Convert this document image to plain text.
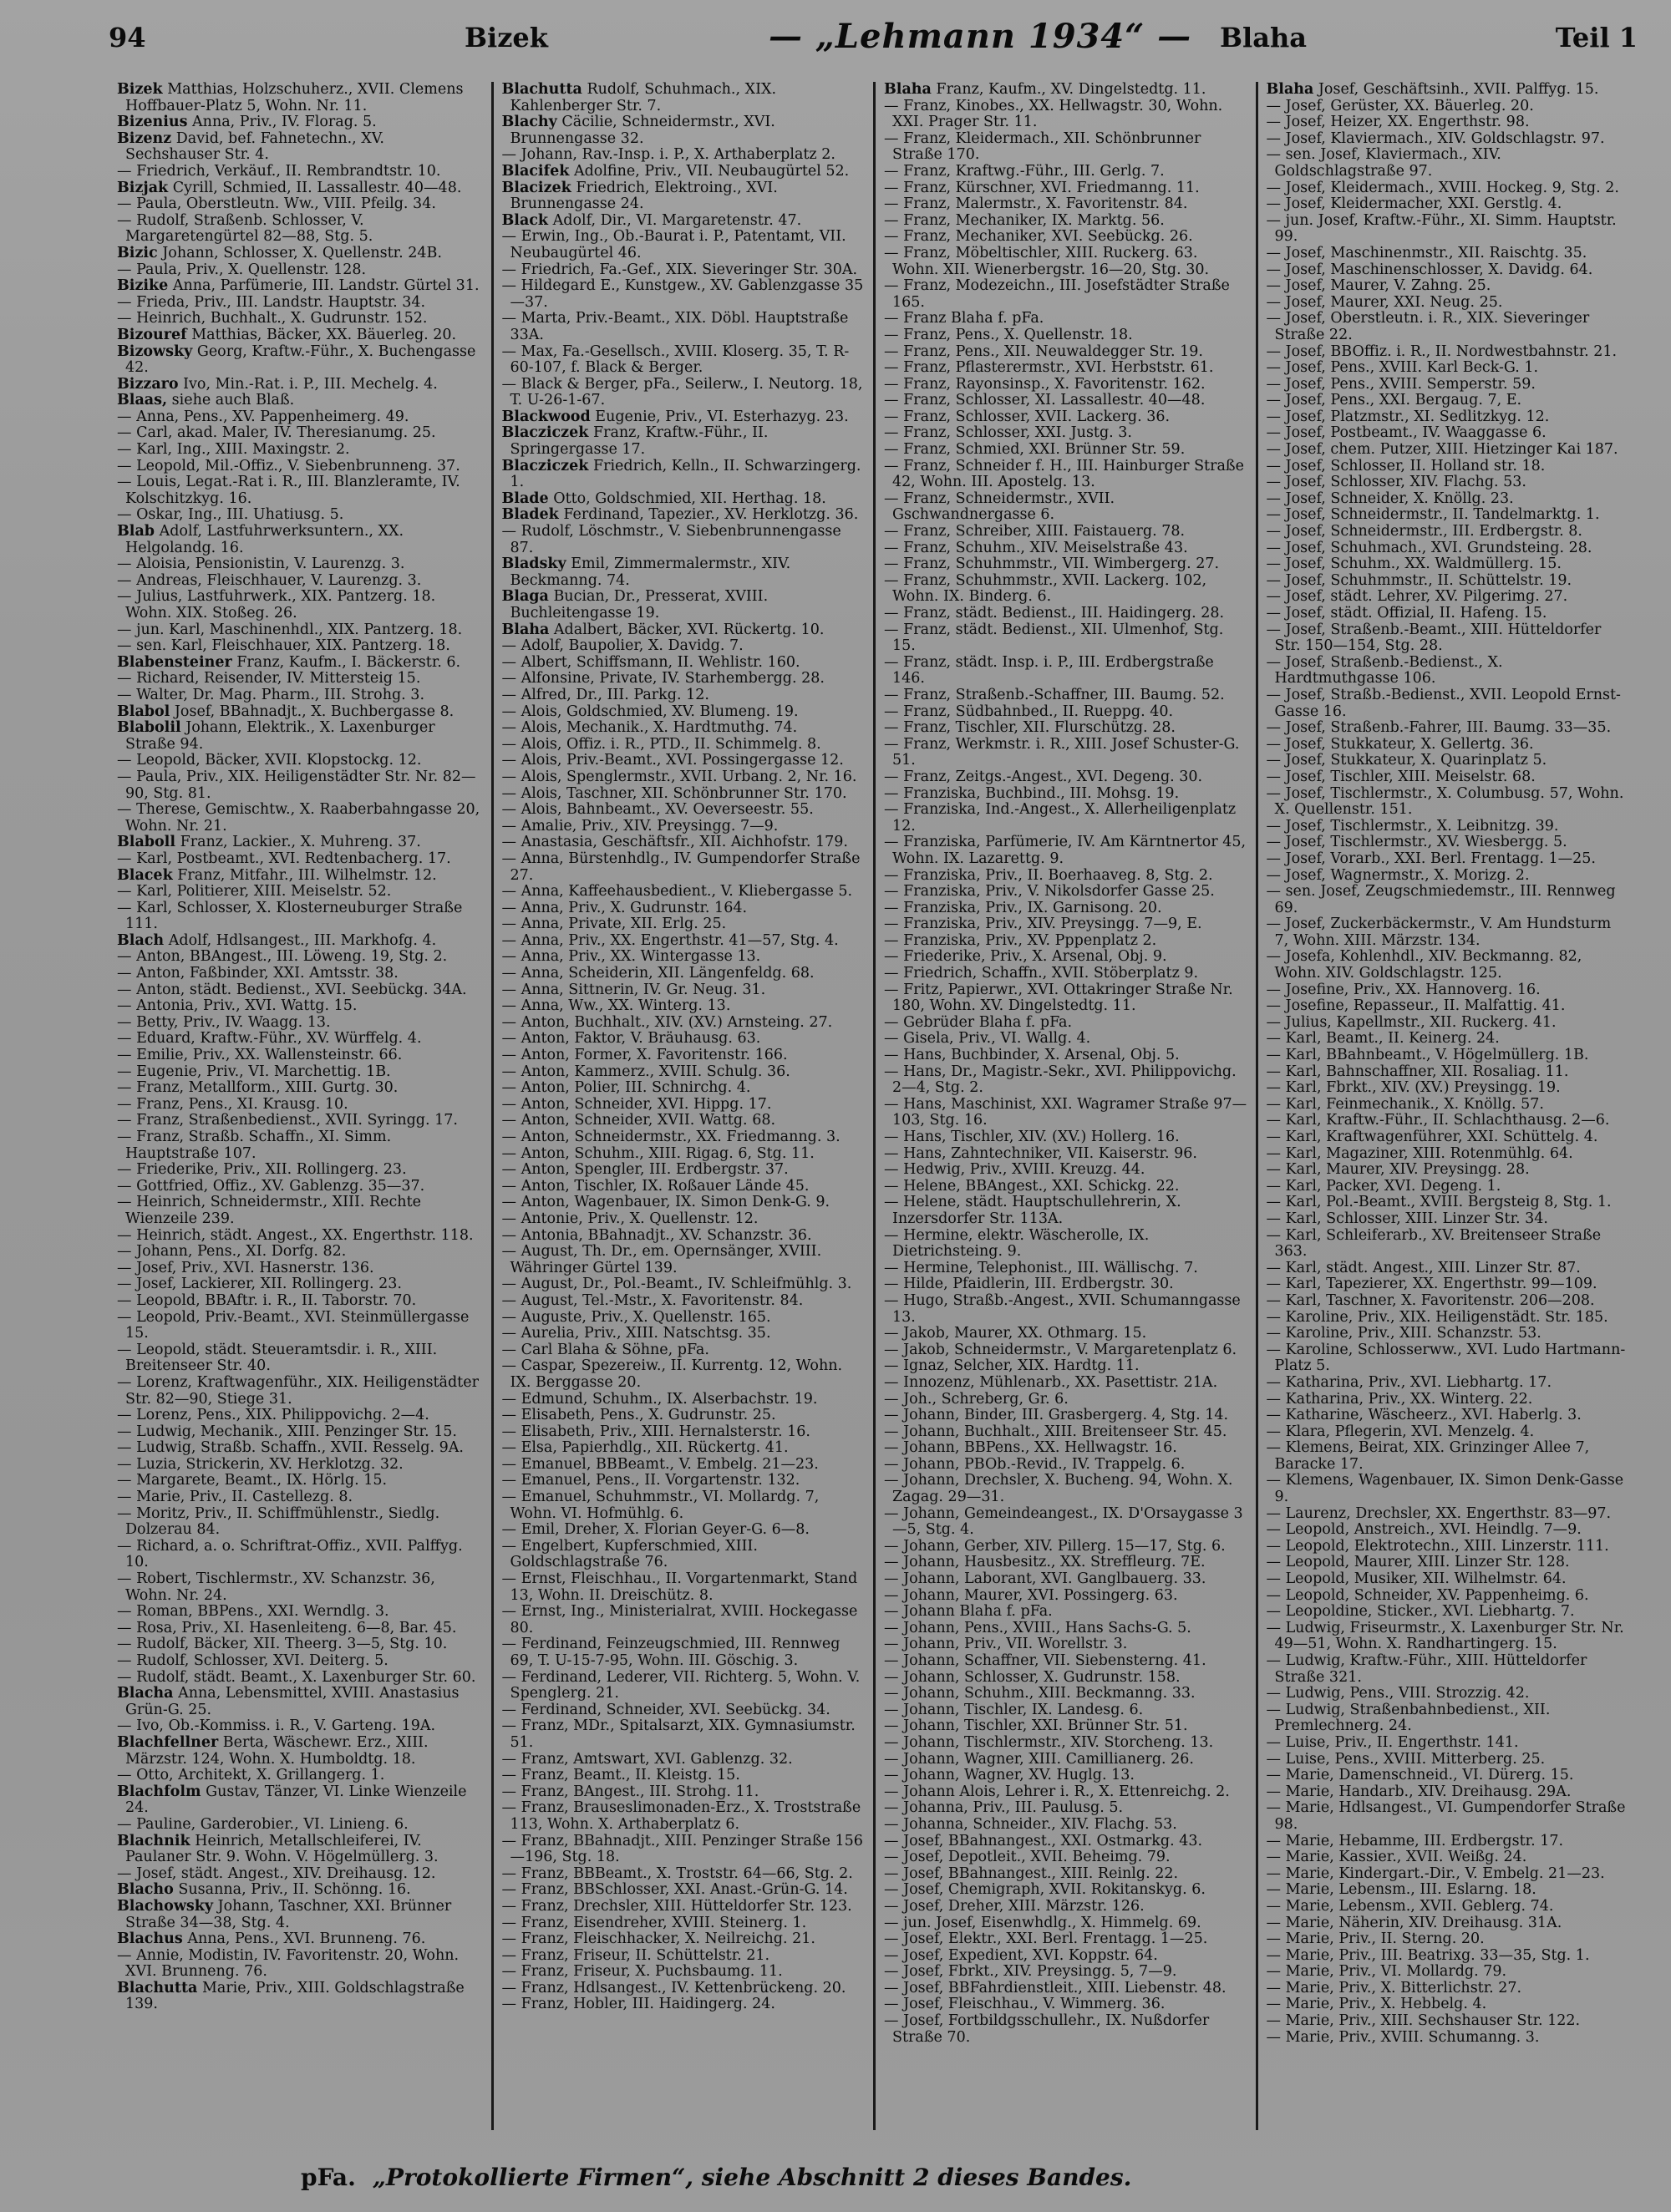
94	Bizek	— „Lehmann 1934“ — Blaha	Teil 1
Bizek Matthias, Holzschuherz., XVII. Clemens Hoffbauer-Platz 5, Wohn. Nr. 11.
Bizenius Anna, Priv., IV. Florag. 5.
Bizenz David, bef. Fahnetechn., XV. Sechshauser Str. 4.
— Friedrich, Verkäuf., II. Rembrandtstr. 10.
Bizjak Cyrill, Schmied, II. Lassallestr. 40—48.
— Paula, Oberstleutn. Ww., VIII. Pfeilg. 34.
— Rudolf, Straßenb. Schlosser, V. Margaretengürtel 82—88, Stg. 5.
Bizic Johann, Schlosser, X. Quellenstr. 24B.
— Paula, Priv., X. Quellenstr. 128.
Bizike Anna, Parfümerie, III. Landstr. Gürtel 31.
— Frieda, Priv., III. Landstr. Hauptstr. 34.
— Heinrich, Buchhalt., X. Gudrunstr. 152.
Bizouref Matthias, Bäcker, XX. Bäuerleg. 20.
Bizowsky Georg, Kraftw.-Führ., X. Buchengasse 42.
Bizzaro Ivo, Min.-Rat. i. P., III. Mechelg. 4.
Blaas, siehe auch Blaß.
— Anna, Pens., XV. Pappenheimerg. 49.
— Carl, akad. Maler, IV. Theresianumg. 25.
— Karl, Ing., XIII. Maxingstr. 2.
— Leopold, Mil.-Offiz., V. Siebenbrunneng. 37.
— Louis, Legat.-Rat i. R., III. Blanzleramte, IV. Kolschitzkyg. 16.
— Oskar, Ing., III. Uhatiusg. 5.
Blab Adolf, Lastfuhrwerksuntern., XX. Helgolandg. 16.
— Aloisia, Pensionistin, V. Laurenzg. 3.
— Andreas, Fleischhauer, V. Laurenzg. 3.
— Julius, Lastfuhrwerk., XIX. Pantzerg. 18. Wohn. XIX. Stoßeg. 26.
— jun. Karl, Maschinenhdl., XIX. Pantzerg. 18.
— sen. Karl, Fleischhauer, XIX. Pantzerg. 18.
Blabensteiner Franz, Kaufm., I. Bäckerstr. 6.
— Richard, Reisender, IV. Mittersteig 15.
— Walter, Dr. Mag. Pharm., III. Strohg. 3.
Blabol Josef, BBahnadjt., X. Buchbergasse 8.
Blabolil Johann, Elektrik., X. Laxenburger Straße 94.
— Leopold, Bäcker, XVII. Klopstockg. 12.
— Paula, Priv., XIX. Heiligenstädter Str. Nr. 82—90, Stg. 81.
— Therese, Gemischtw., X. Raaberbahngasse 20, Wohn. Nr. 21.
Blaboll Franz, Lackier., X. Muhreng. 37.
— Karl, Postbeamt., XVI. Redtenbacherg. 17.
Blacek Franz, Mitfahr., III. Wilhelmstr. 12.
— Karl, Politierer, XIII. Meiselstr. 52.
— Karl, Schlosser, X. Klosterneuburger Straße 111.
Blach Adolf, Hdlsangest., III. Markhofg. 4.
— Anton, BBAngest., III. Löweng. 19, Stg. 2.
— Anton, Faßbinder, XXI. Amtsstr. 38.
— Anton, städt. Bedienst., XVI. Seebückg. 34A.
— Antonia, Priv., XVI. Wattg. 15.
— Betty, Priv., IV. Waagg. 13.
— Eduard, Kraftw.-Führ., XV. Würffelg. 4.
— Emilie, Priv., XX. Wallensteinstr. 66.
— Eugenie, Priv., VI. Marchettig. 1B.
— Franz, Metallform., XIII. Gurtg. 30.
— Franz, Pens., XI. Krausg. 10.
— Franz, Straßenbedienst., XVII. Syringg. 17.
— Franz, Straßb. Schaffn., XI. Simm. Hauptstraße 107.
— Friederike, Priv., XII. Rollingerg. 23.
— Gottfried, Offiz., XV. Gablenzg. 35—37.
— Heinrich, Schneidermstr., XIII. Rechte Wienzeile 239.
— Heinrich, städt. Angest., XX. Engerthstr. 118.
— Johann, Pens., XI. Dorfg. 82.
— Josef, Priv., XVI. Hasnerstr. 136.
— Josef, Lackierer, XII. Rollingerg. 23.
— Leopold, BBAftr. i. R., II. Taborstr. 70.
— Leopold, Priv.-Beamt., XVI. Steinmüllergasse 15.
— Leopold, städt. Steueramtsdir. i. R., XIII. Breitenseer Str. 40.
— Lorenz, Kraftwagenführ., XIX. Heiligenstädter Str. 82—90, Stiege 31.
— Lorenz, Pens., XIX. Philippovichg. 2—4.
— Ludwig, Mechanik., XIII. Penzinger Str. 15.
— Ludwig, Straßb. Schaffn., XVII. Resselg. 9A.
— Luzia, Strickerin, XV. Herklotzg. 32.
— Margarete, Beamt., IX. Hörlg. 15.
— Marie, Priv., II. Castellezg. 8.
— Moritz, Priv., II. Schiffmühlenstr., Siedlg. Dolzerau 84.
— Richard, a. o. Schriftrat-Offiz., XVII. Palffyg. 10.
— Robert, Tischlermstr., XV. Schanzstr. 36, Wohn. Nr. 24.
— Roman, BBPens., XXI. Werndlg. 3.
— Rosa, Priv., XI. Hasenleiteng. 6—8, Bar. 45.
— Rudolf, Bäcker, XII. Theerg. 3—5, Stg. 10.
— Rudolf, Schlosser, XVI. Deiterg. 5.
— Rudolf, städt. Beamt., X. Laxenburger Str. 60.
Blacha Anna, Lebensmittel, XVIII. Anastasius Grün-G. 25.
— Ivo, Ob.-Kommiss. i. R., V. Garteng. 19A.
Blachfellner Berta, Wäschewr. Erz., XIII. Märzstr. 124, Wohn. X. Humboldtg. 18.
— Otto, Architekt, X. Grillangerg. 1.
Blachfolm Gustav, Tänzer, VI. Linke Wienzeile 24.
— Pauline, Garderobier., VI. Linieng. 6.
Blachnik Heinrich, Metallschleiferei, IV. Paulaner Str. 9. Wohn. V. Högelmüllerg. 3.
— Josef, städt. Angest., XIV. Dreihausg. 12.
Blacho Susanna, Priv., II. Schönng. 16.
Blachowsky Johann, Taschner, XXI. Brünner Straße 34—38, Stg. 4.
Blachus Anna, Pens., XVI. Brunneng. 76.
— Annie, Modistin, IV. Favoritenstr. 20, Wohn. XVI. Brunneng. 76.
Blachutta Marie, Priv., XIII. Goldschlagstraße 139.
Blachutta Rudolf, Schuhmach., XIX. Kahlenberger Str. 7.
Blachy Cäcilie, Schneidermstr., XVI. Brunnengasse 32.
— Johann, Rav.-Insp. i. P., X. Arthaberplatz 2.
Blacifek Adolfine, Priv., VII. Neubaugürtel 52.
Blacizek Friedrich, Elektroing., XVI. Brunnengasse 24.
Black Adolf, Dir., VI. Margaretenstr. 47.
— Erwin, Ing., Ob.-Baurat i. P., Patentamt, VII. Neubaugürtel 46.
— Friedrich, Fa.-Gef., XIX. Sieveringer Str. 30A.
— Hildegard E., Kunstgew., XV. Gablenzgasse 35—37.
— Marta, Priv.-Beamt., XIX. Döbl. Hauptstraße 33A.
— Max, Fa.-Gesellsch., XVIII. Kloserg. 35, T. R-60-107, f. Black & Berger.
— Black & Berger, pFa., Seilerw., I. Neutorg. 18, T. U-26-1-67.
Blackwood Eugenie, Priv., VI. Esterhazyg. 23.
Blacziczek Franz, Kraftw.-Führ., II. Springergasse 17.
Blacziczek Friedrich, Kelln., II. Schwarzingerg. 1.
Blade Otto, Goldschmied, XII. Herthag. 18.
Bladek Ferdinand, Tapezier., XV. Herklotzg. 36.
— Rudolf, Löschmstr., V. Siebenbrunnengasse 87.
Bladsky Emil, Zimmermalermstr., XIV. Beckmanng. 74.
Blaga Bucian, Dr., Presserat, XVIII. Buchleitengasse 19.
Blaha Adalbert, Bäcker, XVI. Rückertg. 10.
— Adolf, Baupolier, X. Davidg. 7.
— Albert, Schiffsmann, II. Wehlistr. 160.
— Alfonsine, Private, IV. Starhembergg. 28.
— Alfred, Dr., III. Parkg. 12.
— Alois, Goldschmied, XV. Blumeng. 19.
— Alois, Mechanik., X. Hardtmuthg. 74.
— Alois, Offiz. i. R., PTD., II. Schimmelg. 8.
— Alois, Priv.-Beamt., XVI. Possingergasse 12.
— Alois, Spenglermstr., XVII. Urbang. 2, Nr. 16.
— Alois, Taschner, XII. Schönbrunner Str. 170.
— Alois, Bahnbeamt., XV. Oeverseestr. 55.
— Amalie, Priv., XIV. Preysingg. 7—9.
— Anastasia, Geschäftsfr., XII. Aichhofstr. 179.
— Anna, Bürstenhdlg., IV. Gumpendorfer Straße 27.
— Anna, Kaffeehausbedient., V. Kliebergasse 5.
— Anna, Priv., X. Gudrunstr. 164.
— Anna, Private, XII. Erlg. 25.
— Anna, Priv., XX. Engerthstr. 41—57, Stg. 4.
— Anna, Priv., XX. Wintergasse 13.
— Anna, Scheiderin, XII. Längenfeldg. 68.
— Anna, Sittnerin, IV. Gr. Neug. 31.
— Anna, Ww., XX. Winterg. 13.
— Anton, Buchhalt., XIV. (XV.) Arnsteing. 27.
— Anton, Faktor, V. Bräuhausg. 63.
— Anton, Former, X. Favoritenstr. 166.
— Anton, Kammerz., XVIII. Schulg. 36.
— Anton, Polier, III. Schnirchg. 4.
— Anton, Schneider, XVI. Hippg. 17.
— Anton, Schneider, XVII. Wattg. 68.
— Anton, Schneidermstr., XX. Friedmanng. 3.
— Anton, Schuhm., XIII. Rigag. 6, Stg. 11.
— Anton, Spengler, III. Erdbergstr. 37.
— Anton, Tischler, IX. Roßauer Lände 45.
— Anton, Wagenbauer, IX. Simon Denk-G. 9.
— Antonie, Priv., X. Quellenstr. 12.
— Antonia, BBahnadjt., XV. Schanzstr. 36.
— August, Th. Dr., em. Opernsänger, XVIII. Währinger Gürtel 139.
— August, Dr., Pol.-Beamt., IV. Schleifmühlg. 3.
— August, Tel.-Mstr., X. Favoritenstr. 84.
— Auguste, Priv., X. Quellenstr. 165.
— Aurelia, Priv., XIII. Natschtsg. 35.
— Carl Blaha & Söhne, pFa.
— Caspar, Spezereiw., II. Kurrentg. 12, Wohn. IX. Berggasse 20.
— Edmund, Schuhm., IX. Alserbachstr. 19.
— Elisabeth, Pens., X. Gudrunstr. 25.
— Elisabeth, Priv., XIII. Hernalsterstr. 16.
— Elsa, Papierhdlg., XII. Rückertg. 41.
— Emanuel, BBBeamt., V. Embelg. 21—23.
— Emanuel, Pens., II. Vorgartenstr. 132.
— Emanuel, Schuhmmstr., VI. Mollardg. 7, Wohn. VI. Hofmühlg. 6.
— Emil, Dreher, X. Florian Geyer-G. 6—8.
— Engelbert, Kupferschmied, XIII. Goldschlagstraße 76.
— Ernst, Fleischhau., II. Vorgartenmarkt, Stand 13, Wohn. II. Dreischütz. 8.
— Ernst, Ing., Ministerialrat, XVIII. Hockegasse 80.
— Ferdinand, Feinzeugschmied, III. Rennweg 69, T. U-15-7-95, Wohn. III. Göschig. 3.
— Ferdinand, Lederer, VII. Richterg. 5, Wohn. V. Spenglerg. 21.
— Ferdinand, Schneider, XVI. Seebückg. 34.
— Franz, MDr., Spitalsarzt, XIX. Gymnasiumstr. 51.
— Franz, Amtswart, XVI. Gablenzg. 32.
— Franz, Beamt., II. Kleistg. 15.
— Franz, BAngest., III. Strohg. 11.
— Franz, Brauseslimonaden-Erz., X. Troststraße 113, Wohn. X. Arthaberplatz 6.
— Franz, BBahnadjt., XIII. Penzinger Straße 156—196, Stg. 18.
— Franz, BBBeamt., X. Troststr. 64—66, Stg. 2.
— Franz, BBSchlosser, XXI. Anast.-Grün-G. 14.
— Franz, Drechsler, XIII. Hütteldorfer Str. 123.
— Franz, Eisendreher, XVIII. Steinerg. 1.
— Franz, Fleischhacker, X. Neilreichg. 21.
— Franz, Friseur, II. Schüttelstr. 21.
— Franz, Friseur, X. Puchsbaumg. 11.
— Franz, Hdlsangest., IV. Kettenbrückeng. 20.
— Franz, Hobler, III. Haidingerg. 24.
Blaha Franz, Kaufm., XV. Dingelstedtg. 11.
— Franz, Kinobes., XX. Hellwagstr. 30, Wohn. XXI. Prager Str. 11.
— Franz, Kleidermach., XII. Schönbrunner Straße 170.
— Franz, Kraftwg.-Führ., III. Gerlg. 7.
— Franz, Kürschner, XVI. Friedmanng. 11.
— Franz, Malermstr., X. Favoritenstr. 84.
— Franz, Mechaniker, IX. Marktg. 56.
— Franz, Mechaniker, XVI. Seebückg. 26.
— Franz, Möbeltischler, XIII. Ruckerg. 63. Wohn. XII. Wienerbergstr. 16—20, Stg. 30.
— Franz, Modezeichn., III. Josefstädter Straße 165.
— Franz Blaha f. pFa.
— Franz, Pens., X. Quellenstr. 18.
— Franz, Pens., XII. Neuwaldegger Str. 19.
— Franz, Pflasterermstr., XVI. Herbststr. 61.
— Franz, Rayonsinsp., X. Favoritenstr. 162.
— Franz, Schlosser, XI. Lassallestr. 40—48.
— Franz, Schlosser, XVII. Lackerg. 36.
— Franz, Schlosser, XXI. Justg. 3.
— Franz, Schmied, XXI. Brünner Str. 59.
— Franz, Schneider f. H., III. Hainburger Straße 42, Wohn. III. Apostelg. 13.
— Franz, Schneidermstr., XVII. Gschwandnergasse 6.
— Franz, Schreiber, XIII. Faistauerg. 78.
— Franz, Schuhm., XIV. Meiselstraße 43.
— Franz, Schuhmmstr., VII. Wimbergerg. 27.
— Franz, Schuhmmstr., XVII. Lackerg. 102, Wohn. IX. Binderg. 6.
— Franz, städt. Bedienst., III. Haidingerg. 28.
— Franz, städt. Bedienst., XII. Ulmenhof, Stg. 15.
— Franz, städt. Insp. i. P., III. Erdbergstraße 146.
— Franz, Straßenb.-Schaffner, III. Baumg. 52.
— Franz, Südbahnbed., II. Rueppg. 40.
— Franz, Tischler, XII. Flurschützg. 28.
— Franz, Werkmstr. i. R., XIII. Josef Schuster-G. 51.
— Franz, Zeitgs.-Angest., XVI. Degeng. 30.
— Franziska, Buchbind., III. Mohsg. 19.
— Franziska, Ind.-Angest., X. Allerheiligenplatz 12.
— Franziska, Parfümerie, IV. Am Kärntnertor 45, Wohn. IX. Lazarettg. 9.
— Franziska, Priv., II. Boerhaaveg. 8, Stg. 2.
— Franziska, Priv., V. Nikolsdorfer Gasse 25.
— Franziska, Priv., IX. Garnisong. 20.
— Franziska, Priv., XIV. Preysingg. 7—9, E.
— Franziska, Priv., XV. Pppenplatz 2.
— Friederike, Priv., X. Arsenal, Obj. 9.
— Friedrich, Schaffn., XVII. Stöberplatz 9.
— Fritz, Papierwr., XVI. Ottakringer Straße Nr. 180, Wohn. XV. Dingelstedtg. 11.
— Gebrüder Blaha f. pFa.
— Gisela, Priv., VI. Wallg. 4.
— Hans, Buchbinder, X. Arsenal, Obj. 5.
— Hans, Dr., Magistr.-Sekr., XVI. Philippovichg. 2—4, Stg. 2.
— Hans, Maschinist, XXI. Wagramer Straße 97—103, Stg. 16.
— Hans, Tischler, XIV. (XV.) Hollerg. 16.
— Hans, Zahntechniker, VII. Kaiserstr. 96.
— Hedwig, Priv., XVIII. Kreuzg. 44.
— Helene, BBAngest., XXI. Schickg. 22.
— Helene, städt. Hauptschullehrerin, X. Inzersdorfer Str. 113A.
— Hermine, elektr. Wäscherolle, IX. Dietrichsteing. 9.
— Hermine, Telephonist., III. Wällischg. 7.
— Hilde, Pfaidlerin, III. Erdbergstr. 30.
— Hugo, Straßb.-Angest., XVII. Schumanngasse 13.
— Jakob, Maurer, XX. Othmarg. 15.
— Jakob, Schneidermstr., V. Margaretenplatz 6.
— Ignaz, Selcher, XIX. Hardtg. 11.
— Innozenz, Mühlenarb., XX. Pasettistr. 21A.
— Joh., Schreberg, Gr. 6.
— Johann, Binder, III. Grasbergerg. 4, Stg. 14.
— Johann, Buchhalt., XIII. Breitenseer Str. 45.
— Johann, BBPens., XX. Hellwagstr. 16.
— Johann, PBOb.-Revid., IV. Trappelg. 6.
— Johann, Drechsler, X. Bucheng. 94, Wohn. X. Zagag. 29—31.
— Johann, Gemeindeangest., IX. D'Orsaygasse 3—5, Stg. 4.
— Johann, Gerber, XIV. Pillerg. 15—17, Stg. 6.
— Johann, Hausbesitz., XX. Streffleurg. 7E.
— Johann, Laborant, XVI. Ganglbauerg. 33.
— Johann, Maurer, XVI. Possingerg. 63.
— Johann Blaha f. pFa.
— Johann, Pens., XVIII., Hans Sachs-G. 5.
— Johann, Priv., VII. Worellstr. 3.
— Johann, Schaffner, VII. Siebensterng. 41.
— Johann, Schlosser, X. Gudrunstr. 158.
— Johann, Schuhm., XIII. Beckmanng. 33.
— Johann, Tischler, IX. Landesg. 6.
— Johann, Tischler, XXI. Brünner Str. 51.
— Johann, Tischlermstr., XIV. Storcheng. 13.
— Johann, Wagner, XIII. Camillianerg. 26.
— Johann, Wagner, XV. Huglg. 13.
— Johann Alois, Lehrer i. R., X. Ettenreichg. 2.
— Johanna, Priv., III. Paulusg. 5.
— Johanna, Schneider., XIV. Flachg. 53.
— Josef, BBahnangest., XXI. Ostmarkg. 43.
— Josef, Depotleit., XVII. Beheimg. 79.
— Josef, BBahnangest., XIII. Reinlg. 22.
— Josef, Chemigraph, XVII. Rokitanskyg. 6.
— Josef, Dreher, XIII. Märzstr. 126.
— jun. Josef, Eisenwhdlg., X. Himmelg. 69.
— Josef, Elektr., XXI. Berl. Frentagg. 1—25.
— Josef, Expedient, XVI. Koppstr. 64.
— Josef, Fbrkt., XIV. Preysingg. 5, 7—9.
— Josef, BBFahrdienstleit., XIII. Liebenstr. 48.
— Josef, Fleischhau., V. Wimmerg. 36.
— Josef, Fortbildgsschullehr., IX. Nußdorfer Straße 70.
Blaha Josef, Geschäftsinh., XVII. Palffyg. 15.
— Josef, Gerüster, XX. Bäuerleg. 20.
— Josef, Heizer, XX. Engerthstr. 98.
— Josef, Klaviermach., XIV. Goldschlagstr. 97.
— sen. Josef, Klaviermach., XIV. Goldschlagstraße 97.
— Josef, Kleidermach., XVIII. Hockeg. 9, Stg. 2.
— Josef, Kleidermacher, XXI. Gerstlg. 4.
— jun. Josef, Kraftw.-Führ., XI. Simm. Hauptstr. 99.
— Josef, Maschinenmstr., XII. Raischtg. 35.
— Josef, Maschinenschlosser, X. Davidg. 64.
— Josef, Maurer, V. Zahng. 25.
— Josef, Maurer, XXI. Neug. 25.
— Josef, Oberstleutn. i. R., XIX. Sieveringer Straße 22.
— Josef, BBOffiz. i. R., II. Nordwestbahnstr. 21.
— Josef, Pens., XVIII. Karl Beck-G. 1.
— Josef, Pens., XVIII. Semperstr. 59.
— Josef, Pens., XXI. Bergaug. 7, E.
— Josef, Platzmstr., XI. Sedlitzkyg. 12.
— Josef, Postbeamt., IV. Waaggasse 6.
— Josef, chem. Putzer, XIII. Hietzinger Kai 187.
— Josef, Schlosser, II. Holland str. 18.
— Josef, Schlosser, XIV. Flachg. 53.
— Josef, Schneider, X. Knöllg. 23.
— Josef, Schneidermstr., II. Tandelmarktg. 1.
— Josef, Schneidermstr., III. Erdbergstr. 8.
— Josef, Schuhmach., XVI. Grundsteing. 28.
— Josef, Schuhm., XX. Waldmüllerg. 15.
— Josef, Schuhmmstr., II. Schüttelstr. 19.
— Josef, städt. Lehrer, XV. Pilgerimg. 27.
— Josef, städt. Offizial, II. Hafeng. 15.
— Josef, Straßenb.-Beamt., XIII. Hütteldorfer Str. 150—154, Stg. 28.
— Josef, Straßenb.-Bedienst., X. Hardtmuthgasse 106.
— Josef, Straßb.-Bedienst., XVII. Leopold Ernst-Gasse 16.
— Josef, Straßenb.-Fahrer, III. Baumg. 33—35.
— Josef, Stukkateur, X. Gellertg. 36.
— Josef, Stukkateur, X. Quarinplatz 5.
— Josef, Tischler, XIII. Meiselstr. 68.
— Josef, Tischlermstr., X. Columbusg. 57, Wohn. X. Quellenstr. 151.
— Josef, Tischlermstr., X. Leibnitzg. 39.
— Josef, Tischlermstr., XV. Wiesbergg. 5.
— Josef, Vorarb., XXI. Berl. Frentagg. 1—25.
— Josef, Wagnermstr., X. Morizg. 2.
— sen. Josef, Zeugschmiedemstr., III. Rennweg 69.
— Josef, Zuckerbäckermstr., V. Am Hundsturm 7, Wohn. XIII. Märzstr. 134.
— Josefa, Kohlenhdl., XIV. Beckmanng. 82, Wohn. XIV. Goldschlagstr. 125.
— Josefine, Priv., XX. Hannoverg. 16.
— Josefine, Repasseur., II. Malfattig. 41.
— Julius, Kapellmstr., XII. Ruckerg. 41.
— Karl, Beamt., II. Keinerg. 24.
— Karl, BBahnbeamt., V. Högelmüllerg. 1B.
— Karl, Bahnschaffner, XII. Rosaliag. 11.
— Karl, Fbrkt., XIV. (XV.) Preysingg. 19.
— Karl, Feinmechanik., X. Knöllg. 57.
— Karl, Kraftw.-Führ., II. Schlachthausg. 2—6.
— Karl, Kraftwagenführer, XXI. Schüttelg. 4.
— Karl, Magaziner, XIII. Rotenmühlg. 64.
— Karl, Maurer, XIV. Preysingg. 28.
— Karl, Packer, XVI. Degeng. 1.
— Karl, Pol.-Beamt., XVIII. Bergsteig 8, Stg. 1.
— Karl, Schlosser, XIII. Linzer Str. 34.
— Karl, Schleiferarb., XV. Breitenseer Straße 363.
— Karl, städt. Angest., XIII. Linzer Str. 87.
— Karl, Tapezierer, XX. Engerthstr. 99—109.
— Karl, Taschner, X. Favoritenstr. 206—208.
— Karoline, Priv., XIX. Heiligenstädt. Str. 185.
— Karoline, Priv., XIII. Schanzstr. 53.
— Karoline, Schlosserww., XVI. Ludo Hartmann-Platz 5.
— Katharina, Priv., XVI. Liebhartg. 17.
— Katharina, Priv., XX. Winterg. 22.
— Katharine, Wäscheerz., XVI. Haberlg. 3.
— Klara, Pflegerin, XVI. Menzelg. 4.
— Klemens, Beirat, XIX. Grinzinger Allee 7, Baracke 17.
— Klemens, Wagenbauer, IX. Simon Denk-Gasse 9.
— Laurenz, Drechsler, XX. Engerthstr. 83—97.
— Leopold, Anstreich., XVI. Heindlg. 7—9.
— Leopold, Elektrotechn., XIII. Linzerstr. 111.
— Leopold, Maurer, XIII. Linzer Str. 128.
— Leopold, Musiker, XII. Wilhelmstr. 64.
— Leopold, Schneider, XV. Pappenheimg. 6.
— Leopoldine, Sticker., XVI. Liebhartg. 7.
— Ludwig, Friseurmstr., X. Laxenburger Str. Nr. 49—51, Wohn. X. Randhartingerg. 15.
— Ludwig, Kraftw.-Führ., XIII. Hütteldorfer Straße 321.
— Ludwig, Pens., VIII. Strozzig. 42.
— Ludwig, Straßenbahnbedienst., XII. Premlechnerg. 24.
— Luise, Priv., II. Engerthstr. 141.
— Luise, Pens., XVIII. Mitterberg. 25.
— Marie, Damenschneid., VI. Dürerg. 15.
— Marie, Handarb., XIV. Dreihausg. 29A.
— Marie, Hdlsangest., VI. Gumpendorfer Straße 98.
— Marie, Hebamme, III. Erdbergstr. 17.
— Marie, Kassier., XVII. Weißg. 24.
— Marie, Kindergart.-Dir., V. Embelg. 21—23.
— Marie, Lebensm., III. Eslarng. 18.
— Marie, Lebensm., XVII. Geblerg. 74.
— Marie, Näherin, XIV. Dreihausg. 31A.
— Marie, Priv., II. Sterng. 20.
— Marie, Priv., III. Beatrixg. 33—35, Stg. 1.
— Marie, Priv., VI. Mollardg. 79.
— Marie, Priv., X. Bitterlichstr. 27.
— Marie, Priv., X. Hebbelg. 4.
— Marie, Priv., XIII. Sechshauser Str. 122.
— Marie, Priv., XVIII. Schumanng. 3.
pFa. „Protokollierte Firmen“, siehe Abschnitt 2 dieses Bandes.
